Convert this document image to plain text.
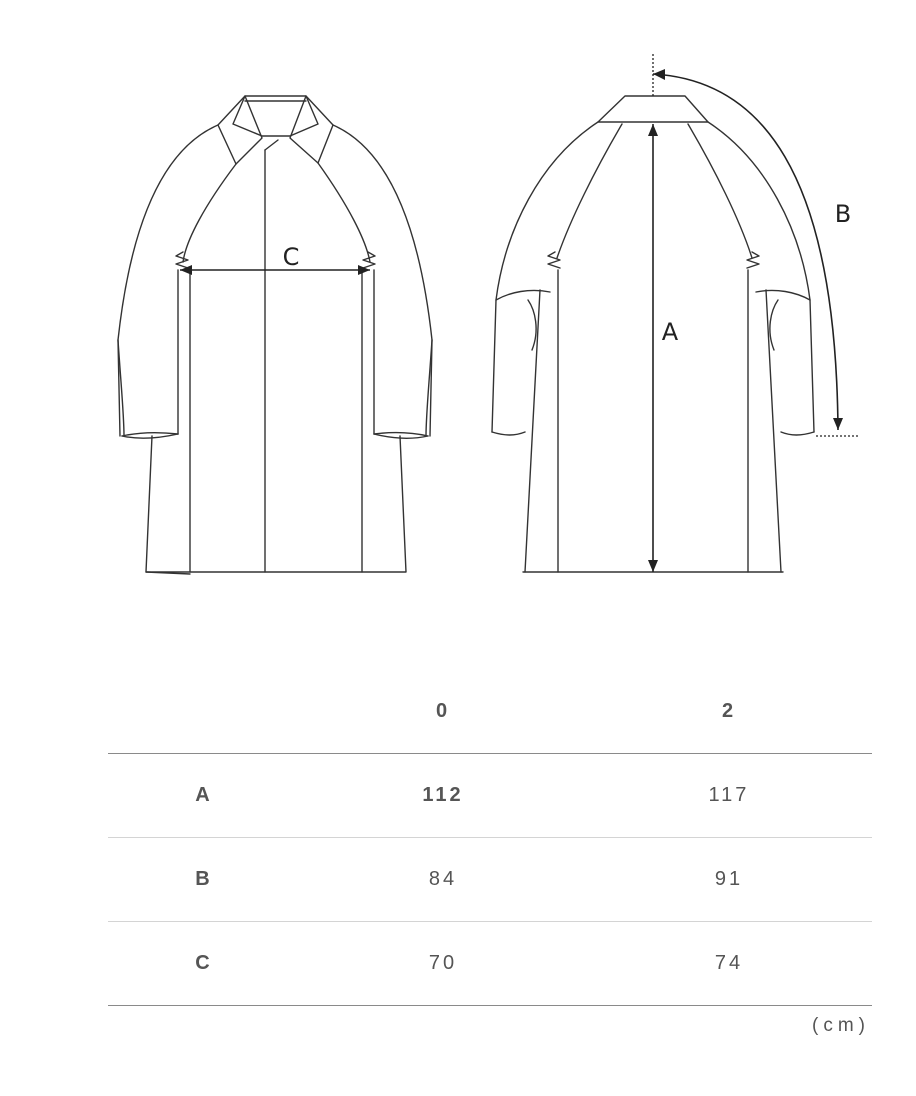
C
A
B
	0	2
A	112	117
B	84	91
C	70	74
(cm)
